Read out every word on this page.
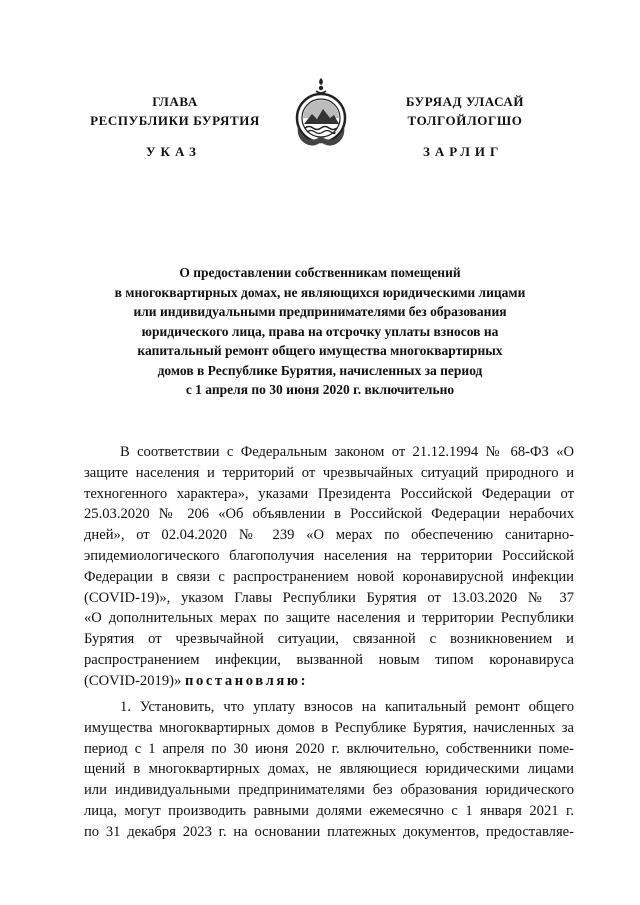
ГЛАВА
РЕСПУБЛИКИ БУРЯТИЯ
УКАЗ
БУРЯАД УЛАСАЙ
ТОЛГОЙЛОГШО
ЗАРЛИГ
О предоставлении собственникам помещений
в многоквартирных домах, не являющихся юридическими лицами
или индивидуальными предпринимателями без образования
юридического лица, права на отсрочку уплаты взносов на
капитальный ремонт общего имущества многоквартирных
домов в Республике Бурятия, начисленных за период
с 1 апреля по 30 июня 2020 г. включительно
В соответствии с Федеральным законом от 21.12.1994 № 68-ФЗ «О
защите населения и территорий от чрезвычайных ситуаций природного и
техногенного характера», указами Президента Российской Федерации от
25.03.2020 № 206 «Об объявлении в Российской Федерации нерабочих
дней», от 02.04.2020 № 239 «О мерах по обеспечению санитарно-
эпидемиологического благополучия населения на территории Российской
Федерации в связи с распространением новой коронавирусной инфекции
(COVID-19)», указом Главы Республики Бурятия от 13.03.2020 № 37
«О дополнительных мерах по защите населения и территории Республики
Бурятия от чрезвычайной ситуации, связанной с возникновением и
распространением инфекции, вызванной новым типом коронавируса
(COVID-2019)» постановляю:
1. Установить, что уплату взносов на капитальный ремонт общего
имущества многоквартирных домов в Республике Бурятия, начисленных за
период с 1 апреля по 30 июня 2020 г. включительно, собственники поме-
щений в многоквартирных домах, не являющиеся юридическими лицами
или индивидуальными предпринимателями без образования юридического
лица, могут производить равными долями ежемесячно с 1 января 2021 г.
по 31 декабря 2023 г. на основании платежных документов, предоставляе-
